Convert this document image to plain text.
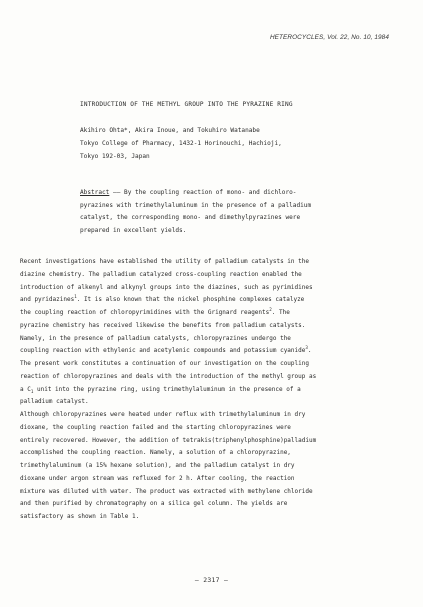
HETEROCYCLES, Vol. 22, No. 10, 1984
INTRODUCTION OF THE METHYL GROUP INTO THE PYRAZINE RING
Akihiro Ohta*, Akira Inoue, and Tokuhiro Watanabe
Tokyo College of Pharmacy, 1432-1 Horinouchi, Hachioji,
Tokyo 192-03, Japan
Abstract —— By the coupling reaction of mono- and dichloro-
pyrazines with trimethylaluminum in the presence of a palladium
catalyst, the corresponding mono- and dimethylpyrazines were
prepared in excellent yields.
Recent investigations have established the utility of palladium catalysts in the
diazine chemistry. The palladium catalyzed cross-coupling reaction enabled the
introduction of alkenyl and alkynyl groups into the diazines, such as pyrimidines
and pyridazines$^1$. It is also known that the nickel phosphine complexes catalyze
the coupling reaction of chloropyrimidines with the Grignard reagents$^2$. The
pyrazine chemistry has received likewise the benefits from palladium catalysts.
Namely, in the presence of palladium catalysts, chloropyrazines undergo the
coupling reaction with ethylenic and acetylenic compounds and potassium cyanide$^3$.
The present work constitutes a continuation of our investigation on the coupling
reaction of chloropyrazines and deals with the introduction of the methyl group as
a $C_1$ unit into the pyrazine ring, using trimethylaluminum in the presence of a
palladium catalyst.
Although chloropyrazines were heated under reflux with trimethylaluminum in dry
dioxane, the coupling reaction failed and the starting chloropyrazines were
entirely recovered. However, the addition of tetrakis(triphenylphosphine)palladium
accomplished the coupling reaction. Namely, a solution of a chloropyrazine,
trimethylaluminum (a 15% hexane solution), and the palladium catalyst in dry
dioxane under argon stream was refluxed for 2 h. After cooling, the reaction
mixture was diluted with water. The product was extracted with methylene chloride
and then purified by chromatography on a silica gel column. The yields are
satisfactory as shown in Table 1.
— 2317 —
